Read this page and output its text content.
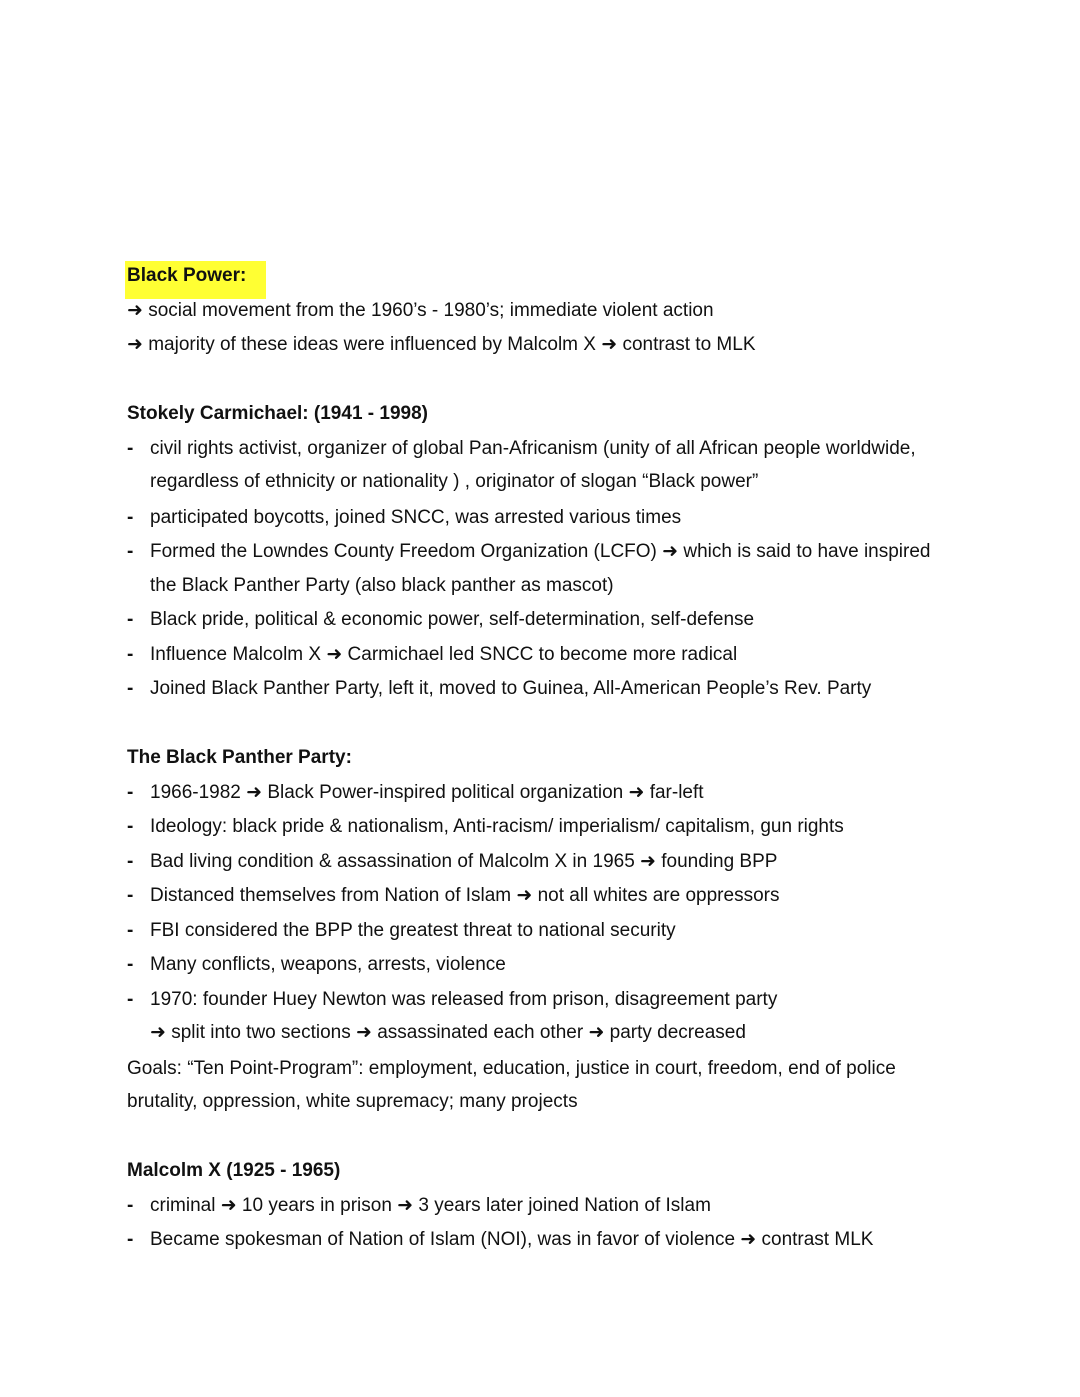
Black Power:
➜ social movement from the 1960’s - 1980’s; immediate violent action
➜ majority of these ideas were influenced by Malcolm X ➜ contrast to MLK
Stokely Carmichael: (1941 - 1998)
- civil rights activist, organizer of global Pan-Africanism (unity of all African people worldwide,
regardless of ethnicity or nationality ) , originator of slogan “Black power”
- participated boycotts, joined SNCC, was arrested various times
- Formed the Lowndes County Freedom Organization (LCFO) ➜ which is said to have inspired
the Black Panther Party (also black panther as mascot)
- Black pride, political & economic power, self-determination, self-defense
- Influence Malcolm X ➜ Carmichael led SNCC to become more radical
- Joined Black Panther Party, left it, moved to Guinea, All-American People’s Rev. Party
The Black Panther Party:
- 1966-1982 ➜ Black Power-inspired political organization ➜ far-left
- Ideology: black pride & nationalism, Anti-racism/ imperialism/ capitalism, gun rights
- Bad living condition & assassination of Malcolm X in 1965 ➜ founding BPP
- Distanced themselves from Nation of Islam ➜ not all whites are oppressors
- FBI considered the BPP the greatest threat to national security
- Many conflicts, weapons, arrests, violence
- 1970: founder Huey Newton was released from prison, disagreement party
➜ split into two sections ➜ assassinated each other ➜ party decreased
Goals: “Ten Point-Program”: employment, education, justice in court, freedom, end of police
brutality, oppression, white supremacy; many projects
Malcolm X (1925 - 1965)
- criminal ➜ 10 years in prison ➜ 3 years later joined Nation of Islam
- Became spokesman of Nation of Islam (NOI), was in favor of violence ➜ contrast MLK
